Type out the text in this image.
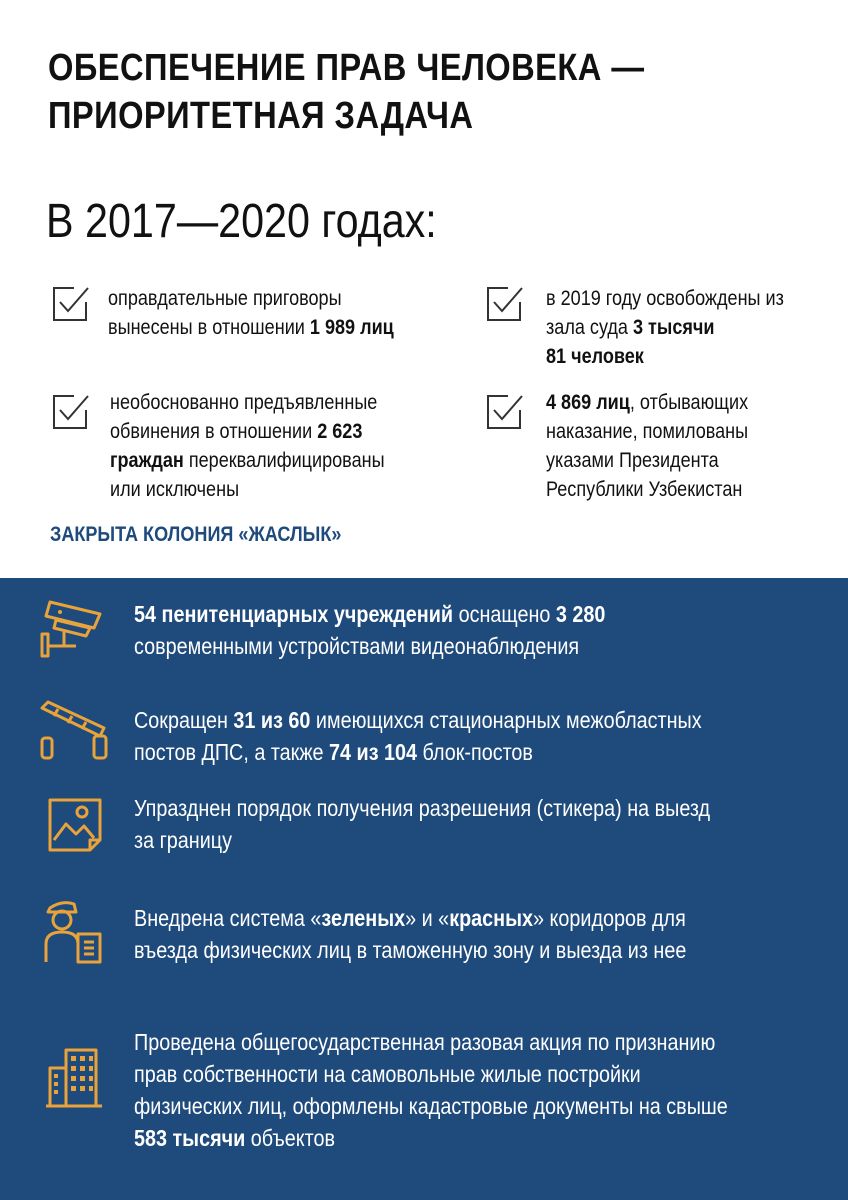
ОБЕСПЕЧЕНИЕ ПРАВ ЧЕЛОВЕКА —
ПРИОРИТЕТНАЯ ЗАДАЧА
В 2017—2020 годах:
оправдательные приговоры
вынесены в отношении 1 989 лиц
в 2019 году освобождены из
зала суда 3 тысячи
81 человек
необоснованно предъявленные
обвинения в отношении 2 623
граждан переквалифицированы
или исключены
4 869 лиц, отбывающих
наказание, помилованы
указами Президента
Республики Узбекистан
ЗАКРЫТА КОЛОНИЯ «ЖАСЛЫК»
54 пенитенциарных учреждений оснащено 3 280
современными устройствами видеонаблюдения
Сокращен 31 из 60 имеющихся стационарных межобластных
постов ДПС, а также 74 из 104 блок-постов
Упразднен порядок получения разрешения (стикера) на выезд
за границу
Внедрена система «зеленых» и «красных» коридоров для
въезда физических лиц в таможенную зону и выезда из нее
Проведена общегосударственная разовая акция по признанию
прав собственности на самовольные жилые постройки
физических лиц, оформлены кадастровые документы на свыше
583 тысячи объектов
